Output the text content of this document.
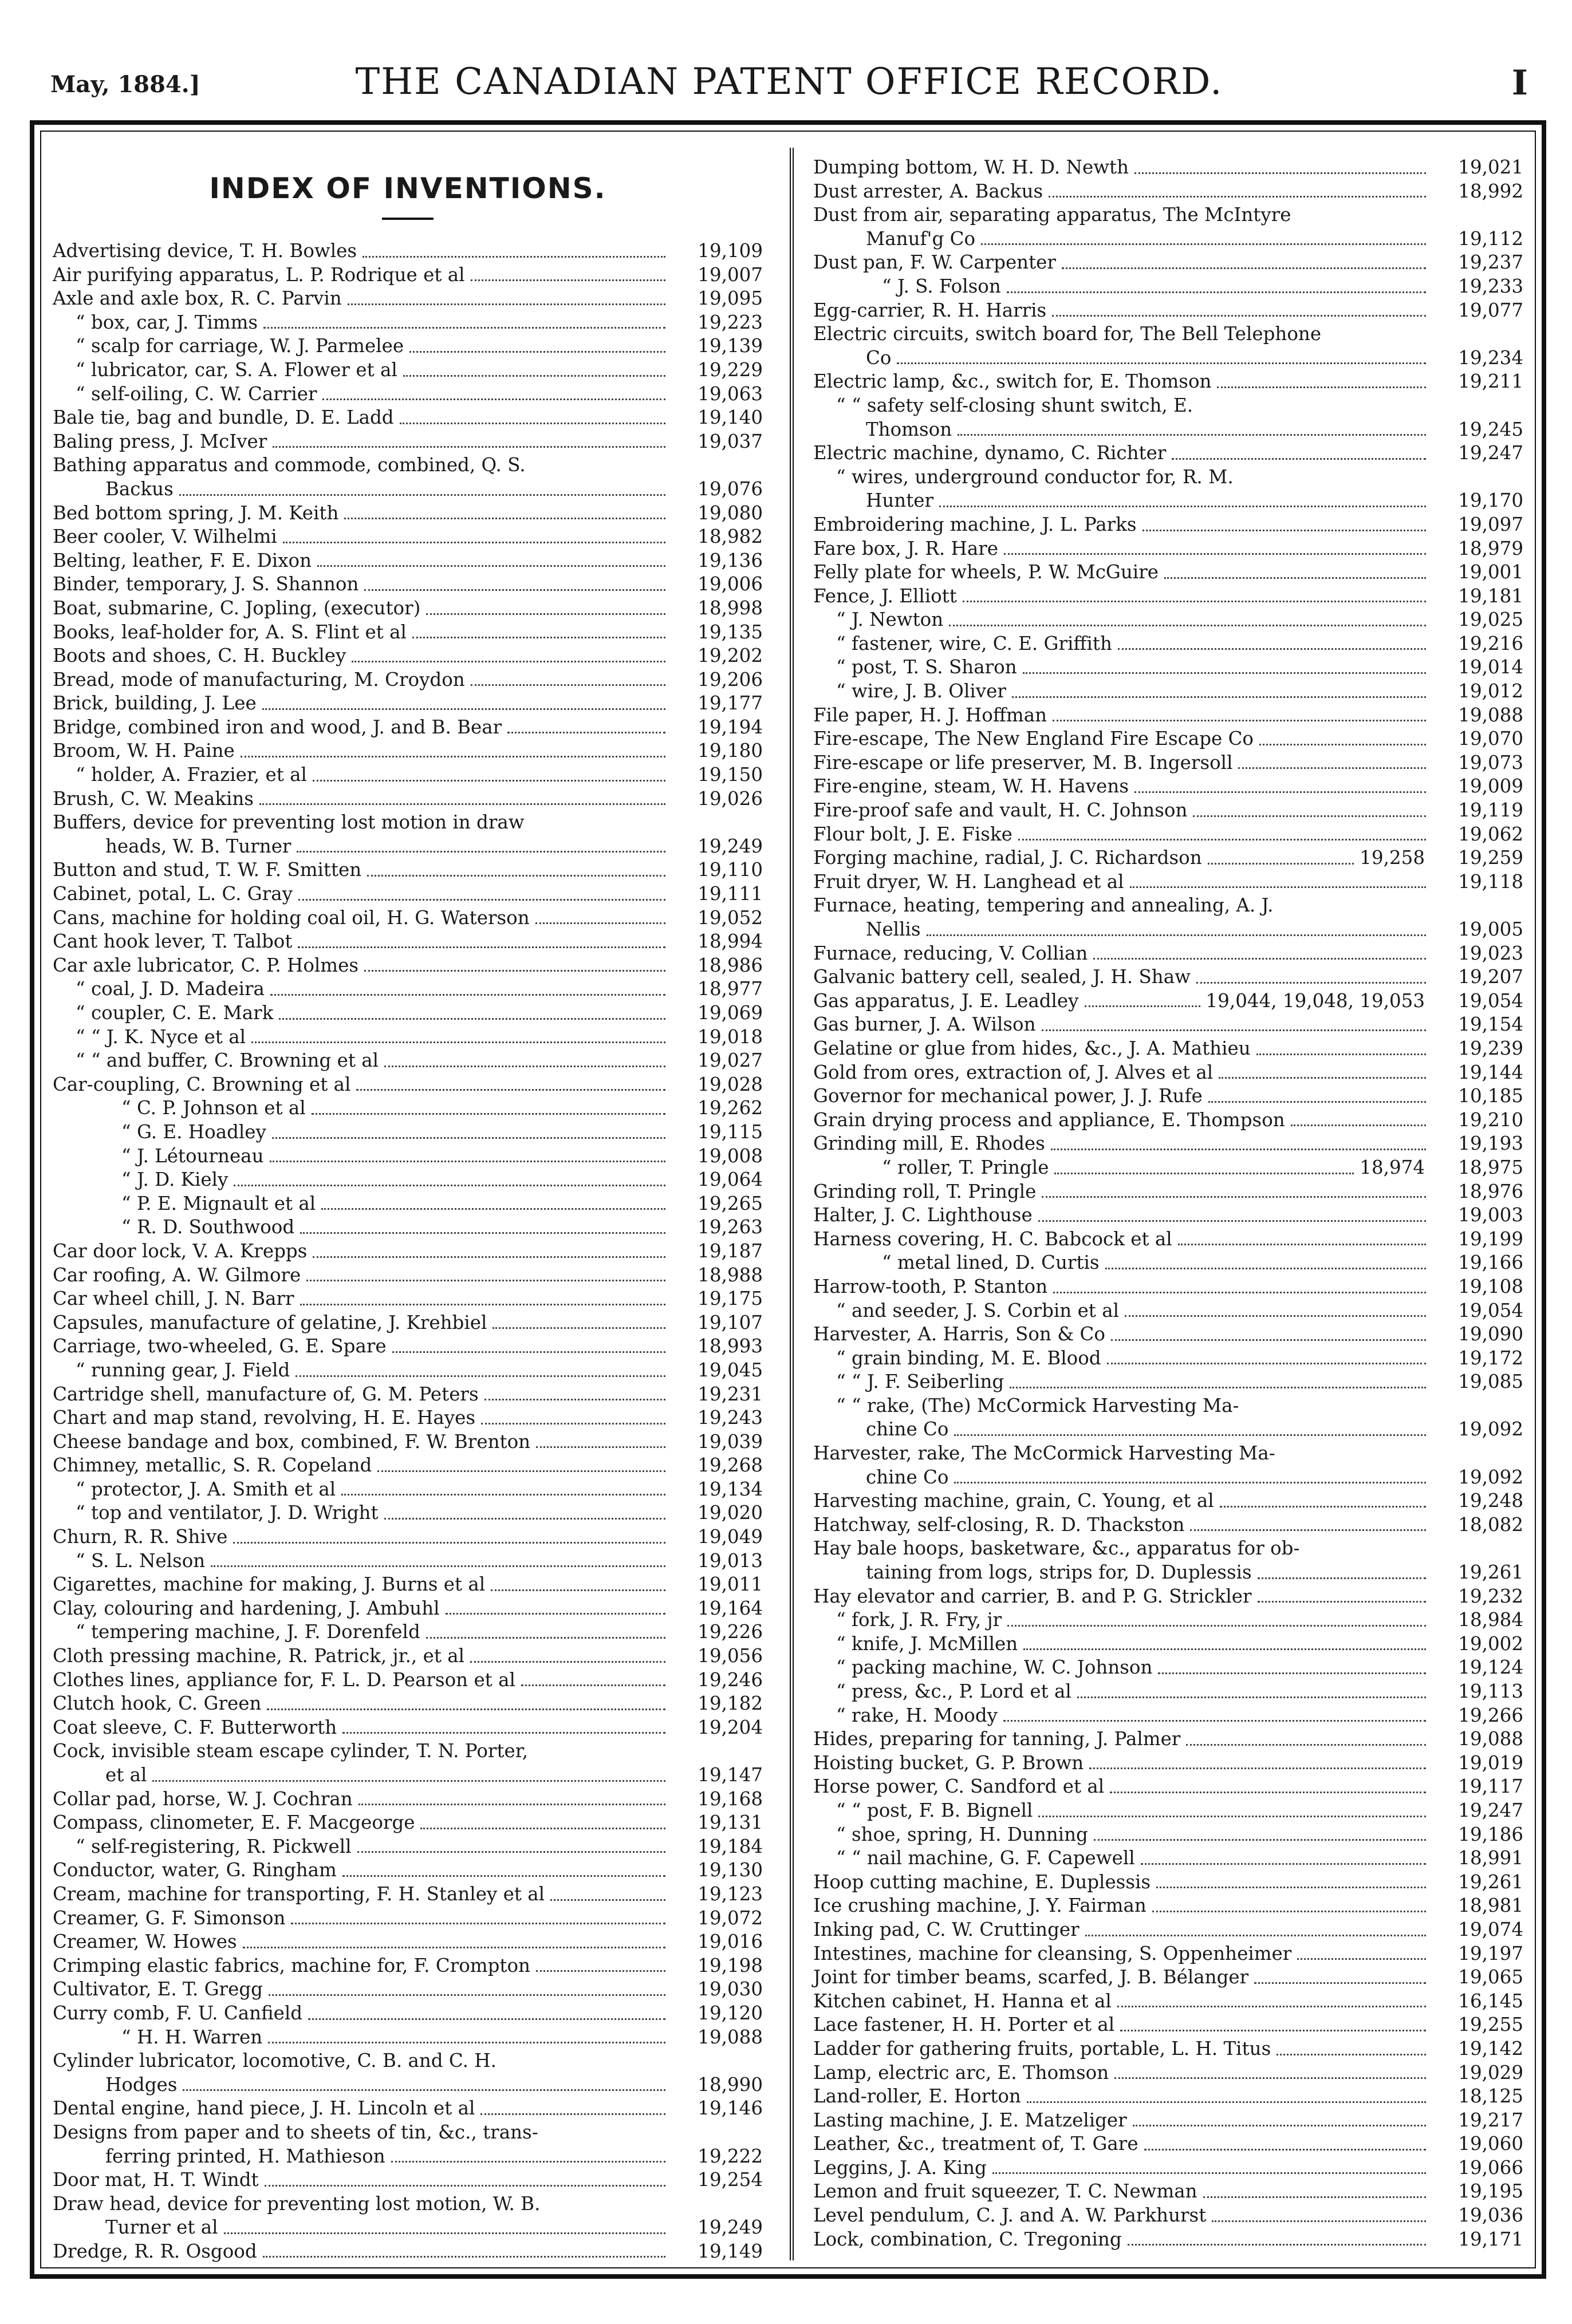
May, 1884.]	THE CANADIAN PATENT OFFICE RECORD.	I
INDEX OF INVENTIONS.
Advertising device, T. H. Bowles	19,109
Air purifying apparatus, L. P. Rodrique et al	19,007
Axle and axle box, R. C. Parvin	19,095
“ box, car, J. Timms	19,223
“ scalp for carriage, W. J. Parmelee	19,139
“ lubricator, car, S. A. Flower et al	19,229
“ self-oiling, C. W. Carrier	19,063
Bale tie, bag and bundle, D. E. Ladd	19,140
Baling press, J. McIver	19,037
Bathing apparatus and commode, combined, Q. S.
Backus	19,076
Bed bottom spring, J. M. Keith	19,080
Beer cooler, V. Wilhelmi	18,982
Belting, leather, F. E. Dixon	19,136
Binder, temporary, J. S. Shannon	19,006
Boat, submarine, C. Jopling, (executor)	18,998
Books, leaf-holder for, A. S. Flint et al	19,135
Boots and shoes, C. H. Buckley	19,202
Bread, mode of manufacturing, M. Croydon	19,206
Brick, building, J. Lee	19,177
Bridge, combined iron and wood, J. and B. Bear	19,194
Broom, W. H. Paine	19,180
“ holder, A. Frazier, et al	19,150
Brush, C. W. Meakins	19,026
Buffers, device for preventing lost motion in draw
heads, W. B. Turner	19,249
Button and stud, T. W. F. Smitten	19,110
Cabinet, potal, L. C. Gray	19,111
Cans, machine for holding coal oil, H. G. Waterson	19,052
Cant hook lever, T. Talbot	18,994
Car axle lubricator, C. P. Holmes	18,986
“ coal, J. D. Madeira	18,977
“ coupler, C. E. Mark	19,069
“ “ J. K. Nyce et al	19,018
“ “ and buffer, C. Browning et al	19,027
Car-coupling, C. Browning et al	19,028
“ C. P. Johnson et al	19,262
“ G. E. Hoadley	19,115
“ J. Létourneau	19,008
“ J. D. Kiely	19,064
“ P. E. Mignault et al	19,265
“ R. D. Southwood	19,263
Car door lock, V. A. Krepps	19,187
Car roofing, A. W. Gilmore	18,988
Car wheel chill, J. N. Barr	19,175
Capsules, manufacture of gelatine, J. Krehbiel	19,107
Carriage, two-wheeled, G. E. Spare	18,993
“ running gear, J. Field	19,045
Cartridge shell, manufacture of, G. M. Peters	19,231
Chart and map stand, revolving, H. E. Hayes	19,243
Cheese bandage and box, combined, F. W. Brenton	19,039
Chimney, metallic, S. R. Copeland	19,268
“ protector, J. A. Smith et al	19,134
“ top and ventilator, J. D. Wright	19,020
Churn, R. R. Shive	19,049
“ S. L. Nelson	19,013
Cigarettes, machine for making, J. Burns et al	19,011
Clay, colouring and hardening, J. Ambuhl	19,164
“ tempering machine, J. F. Dorenfeld	19,226
Cloth pressing machine, R. Patrick, jr., et al	19,056
Clothes lines, appliance for, F. L. D. Pearson et al	19,246
Clutch hook, C. Green	19,182
Coat sleeve, C. F. Butterworth	19,204
Cock, invisible steam escape cylinder, T. N. Porter,
et al	19,147
Collar pad, horse, W. J. Cochran	19,168
Compass, clinometer, E. F. Macgeorge	19,131
“ self-registering, R. Pickwell	19,184
Conductor, water, G. Ringham	19,130
Cream, machine for transporting, F. H. Stanley et al	19,123
Creamer, G. F. Simonson	19,072
Creamer, W. Howes	19,016
Crimping elastic fabrics, machine for, F. Crompton	19,198
Cultivator, E. T. Gregg	19,030
Curry comb, F. U. Canfield	19,120
“ H. H. Warren	19,088
Cylinder lubricator, locomotive, C. B. and C. H.
Hodges	18,990
Dental engine, hand piece, J. H. Lincoln et al	19,146
Designs from paper and to sheets of tin, &c., trans-
ferring printed, H. Mathieson	19,222
Door mat, H. T. Windt	19,254
Draw head, device for preventing lost motion, W. B.
Turner et al	19,249
Dredge, R. R. Osgood	19,149
Dumping bottom, W. H. D. Newth	19,021
Dust arrester, A. Backus	18,992
Dust from air, separating apparatus, The McIntyre
Manuf'g Co	19,112
Dust pan, F. W. Carpenter	19,237
“ J. S. Folson	19,233
Egg-carrier, R. H. Harris	19,077
Electric circuits, switch board for, The Bell Telephone
Co	19,234
Electric lamp, &c., switch for, E. Thomson	19,211
“ “ safety self-closing shunt switch, E.
Thomson	19,245
Electric machine, dynamo, C. Richter	19,247
“ wires, underground conductor for, R. M.
Hunter	19,170
Embroidering machine, J. L. Parks	19,097
Fare box, J. R. Hare	18,979
Felly plate for wheels, P. W. McGuire	19,001
Fence, J. Elliott	19,181
“ J. Newton	19,025
“ fastener, wire, C. E. Griffith	19,216
“ post, T. S. Sharon	19,014
“ wire, J. B. Oliver	19,012
File paper, H. J. Hoffman	19,088
Fire-escape, The New England Fire Escape Co	19,070
Fire-escape or life preserver, M. B. Ingersoll	19,073
Fire-engine, steam, W. H. Havens	19,009
Fire-proof safe and vault, H. C. Johnson	19,119
Flour bolt, J. E. Fiske	19,062
Forging machine, radial, J. C. Richardson	19,258	19,259
Fruit dryer, W. H. Langhead et al	19,118
Furnace, heating, tempering and annealing, A. J.
Nellis	19,005
Furnace, reducing, V. Collian	19,023
Galvanic battery cell, sealed, J. H. Shaw	19,207
Gas apparatus, J. E. Leadley	19,044, 19,048, 19,053	19,054
Gas burner, J. A. Wilson	19,154
Gelatine or glue from hides, &c., J. A. Mathieu	19,239
Gold from ores, extraction of, J. Alves et al	19,144
Governor for mechanical power, J. J. Rufe	10,185
Grain drying process and appliance, E. Thompson	19,210
Grinding mill, E. Rhodes	19,193
“ roller, T. Pringle	18,974	18,975
Grinding roll, T. Pringle	18,976
Halter, J. C. Lighthouse	19,003
Harness covering, H. C. Babcock et al	19,199
“ metal lined, D. Curtis	19,166
Harrow-tooth, P. Stanton	19,108
“ and seeder, J. S. Corbin et al	19,054
Harvester, A. Harris, Son & Co	19,090
“ grain binding, M. E. Blood	19,172
“ “ J. F. Seiberling	19,085
“ “ rake, (The) McCormick Harvesting Ma-
chine Co	19,092
Harvester, rake, The McCormick Harvesting Ma-
chine Co	19,092
Harvesting machine, grain, C. Young, et al	19,248
Hatchway, self-closing, R. D. Thackston	18,082
Hay bale hoops, basketware, &c., apparatus for ob-
taining from logs, strips for, D. Duplessis	19,261
Hay elevator and carrier, B. and P. G. Strickler	19,232
“ fork, J. R. Fry, jr	18,984
“ knife, J. McMillen	19,002
“ packing machine, W. C. Johnson	19,124
“ press, &c., P. Lord et al	19,113
“ rake, H. Moody	19,266
Hides, preparing for tanning, J. Palmer	19,088
Hoisting bucket, G. P. Brown	19,019
Horse power, C. Sandford et al	19,117
“ “ post, F. B. Bignell	19,247
“ shoe, spring, H. Dunning	19,186
“ “ nail machine, G. F. Capewell	18,991
Hoop cutting machine, E. Duplessis	19,261
Ice crushing machine, J. Y. Fairman	18,981
Inking pad, C. W. Cruttinger	19,074
Intestines, machine for cleansing, S. Oppenheimer	19,197
Joint for timber beams, scarfed, J. B. Bélanger	19,065
Kitchen cabinet, H. Hanna et al	16,145
Lace fastener, H. H. Porter et al	19,255
Ladder for gathering fruits, portable, L. H. Titus	19,142
Lamp, electric arc, E. Thomson	19,029
Land-roller, E. Horton	18,125
Lasting machine, J. E. Matzeliger	19,217
Leather, &c., treatment of, T. Gare	19,060
Leggins, J. A. King	19,066
Lemon and fruit squeezer, T. C. Newman	19,195
Level pendulum, C. J. and A. W. Parkhurst	19,036
Lock, combination, C. Tregoning	19,171
